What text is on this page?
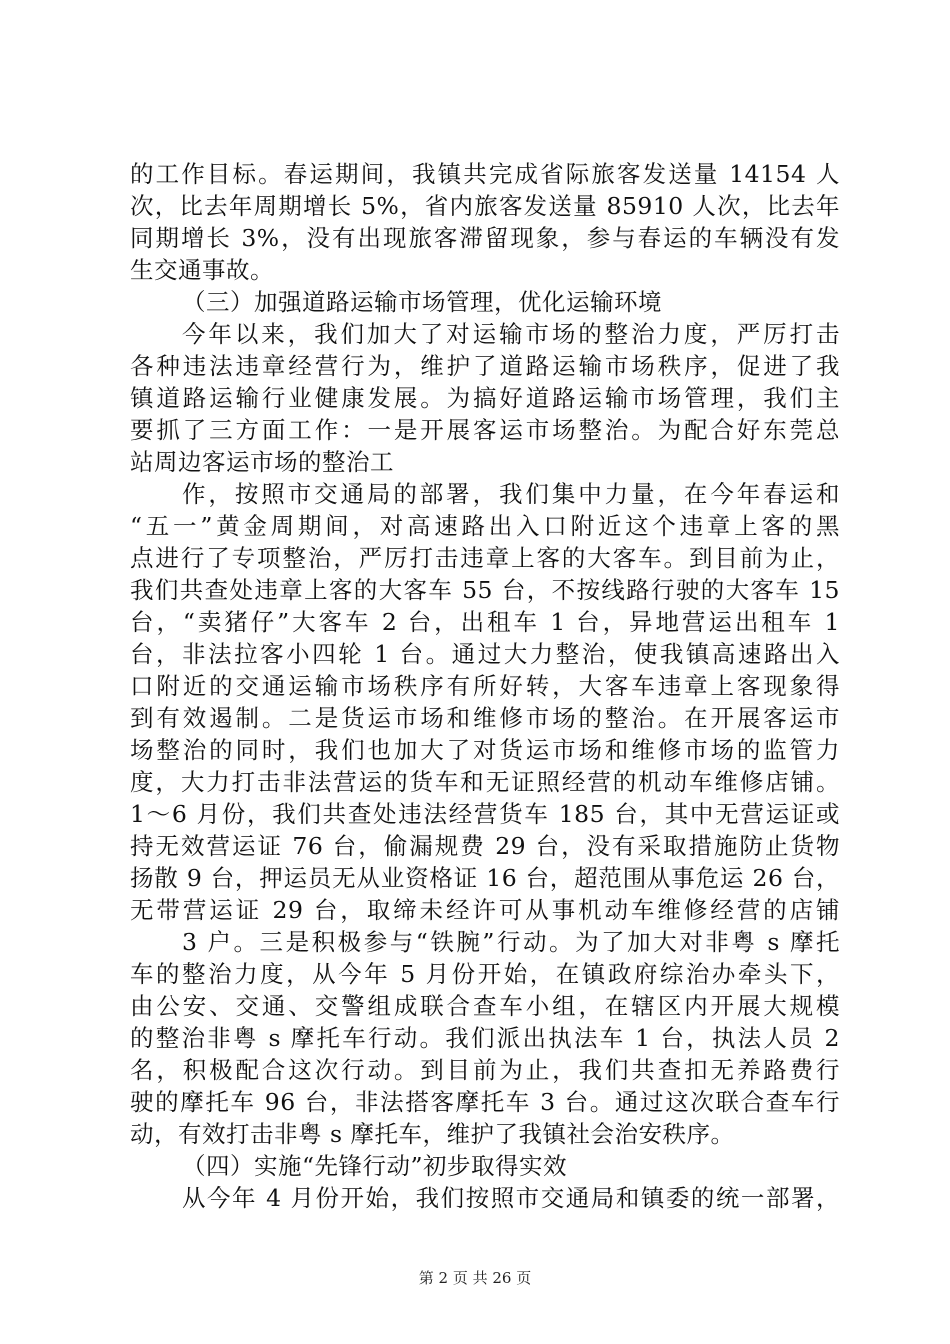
的工作目标。春运期间，我镇共完成省际旅客发送量 14154 人
次，比去年周期增长 5%，省内旅客发送量 85910 人次，比去年
同期增长 3%，没有出现旅客滞留现象，参与春运的车辆没有发
生交通事故。
（三）加强道路运输市场管理，优化运输环境
今年以来，我们加大了对运输市场的整治力度，严厉打击
各种违法违章经营行为，维护了道路运输市场秩序，促进了我
镇道路运输行业健康发展。为搞好道路运输市场管理，我们主
要抓了三方面工作：一是开展客运市场整治。为配合好东莞总
站周边客运市场的整治工
作，按照市交通局的部署，我们集中力量，在今年春运和
“五一”黄金周期间，对高速路出入口附近这个违章上客的黑
点进行了专项整治，严厉打击违章上客的大客车。到目前为止，
我们共查处违章上客的大客车 55 台，不按线路行驶的大客车 15
台，“卖猪仔”大客车 2 台，出租车 1 台，异地营运出租车 1
台，非法拉客小四轮 1 台。通过大力整治，使我镇高速路出入
口附近的交通运输市场秩序有所好转，大客车违章上客现象得
到有效遏制。二是货运市场和维修市场的整治。在开展客运市
场整治的同时，我们也加大了对货运市场和维修市场的监管力
度，大力打击非法营运的货车和无证照经营的机动车维修店铺。
1～6 月份，我们共查处违法经营货车 185 台，其中无营运证或
持无效营运证 76 台，偷漏规费 29 台，没有采取措施防止货物
扬散 9 台，押运员无从业资格证 16 台，超范围从事危运 26 台，
无带营运证 29 台，取缔未经许可从事机动车维修经营的店铺
3 户。三是积极参与“铁腕”行动。为了加大对非粤 s 摩托
车的整治力度，从今年 5 月份开始，在镇政府综治办牵头下，
由公安、交通、交警组成联合查车小组，在辖区内开展大规模
的整治非粤 s 摩托车行动。我们派出执法车 1 台，执法人员 2
名，积极配合这次行动。到目前为止，我们共查扣无养路费行
驶的摩托车 96 台，非法搭客摩托车 3 台。通过这次联合查车行
动，有效打击非粤 s 摩托车，维护了我镇社会治安秩序。
（四）实施“先锋行动”初步取得实效
从今年 4 月份开始，我们按照市交通局和镇委的统一部署，
第 2 页 共 26 页
